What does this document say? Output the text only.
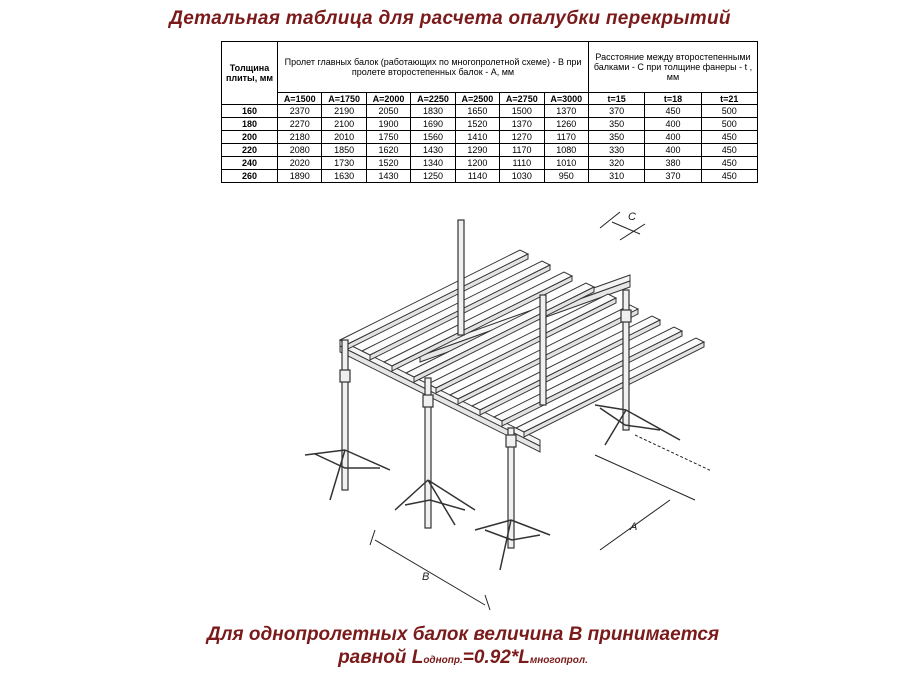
Детальная таблица для расчета опалубки перекрытий
Толщина плиты, мм	Пролет главных балок (работающих по многопролетной схеме) - В при пролете второстепенных балок - А, мм							Расстояние между второстепенными балками - С при толщине фанеры - t , мм		
	А=1500	А=1750	А=2000	А=2250	А=2500	А=2750	А=3000	t=15	t=18	t=21
160	2370	2190	2050	1830	1650	1500	1370	370	450	500
180	2270	2100	1900	1690	1520	1370	1260	350	400	500
200	2180	2010	1750	1560	1410	1270	1170	350	400	450
220	2080	1850	1620	1430	1290	1170	1080	330	400	450
240	2020	1730	1520	1340	1200	1110	1010	320	380	450
260	1890	1630	1430	1250	1140	1030	950	310	370	450
C
A
B
Для однопролетных балок величина В принимается
равной Lоднопр.=0.92*Lмногопрол.
